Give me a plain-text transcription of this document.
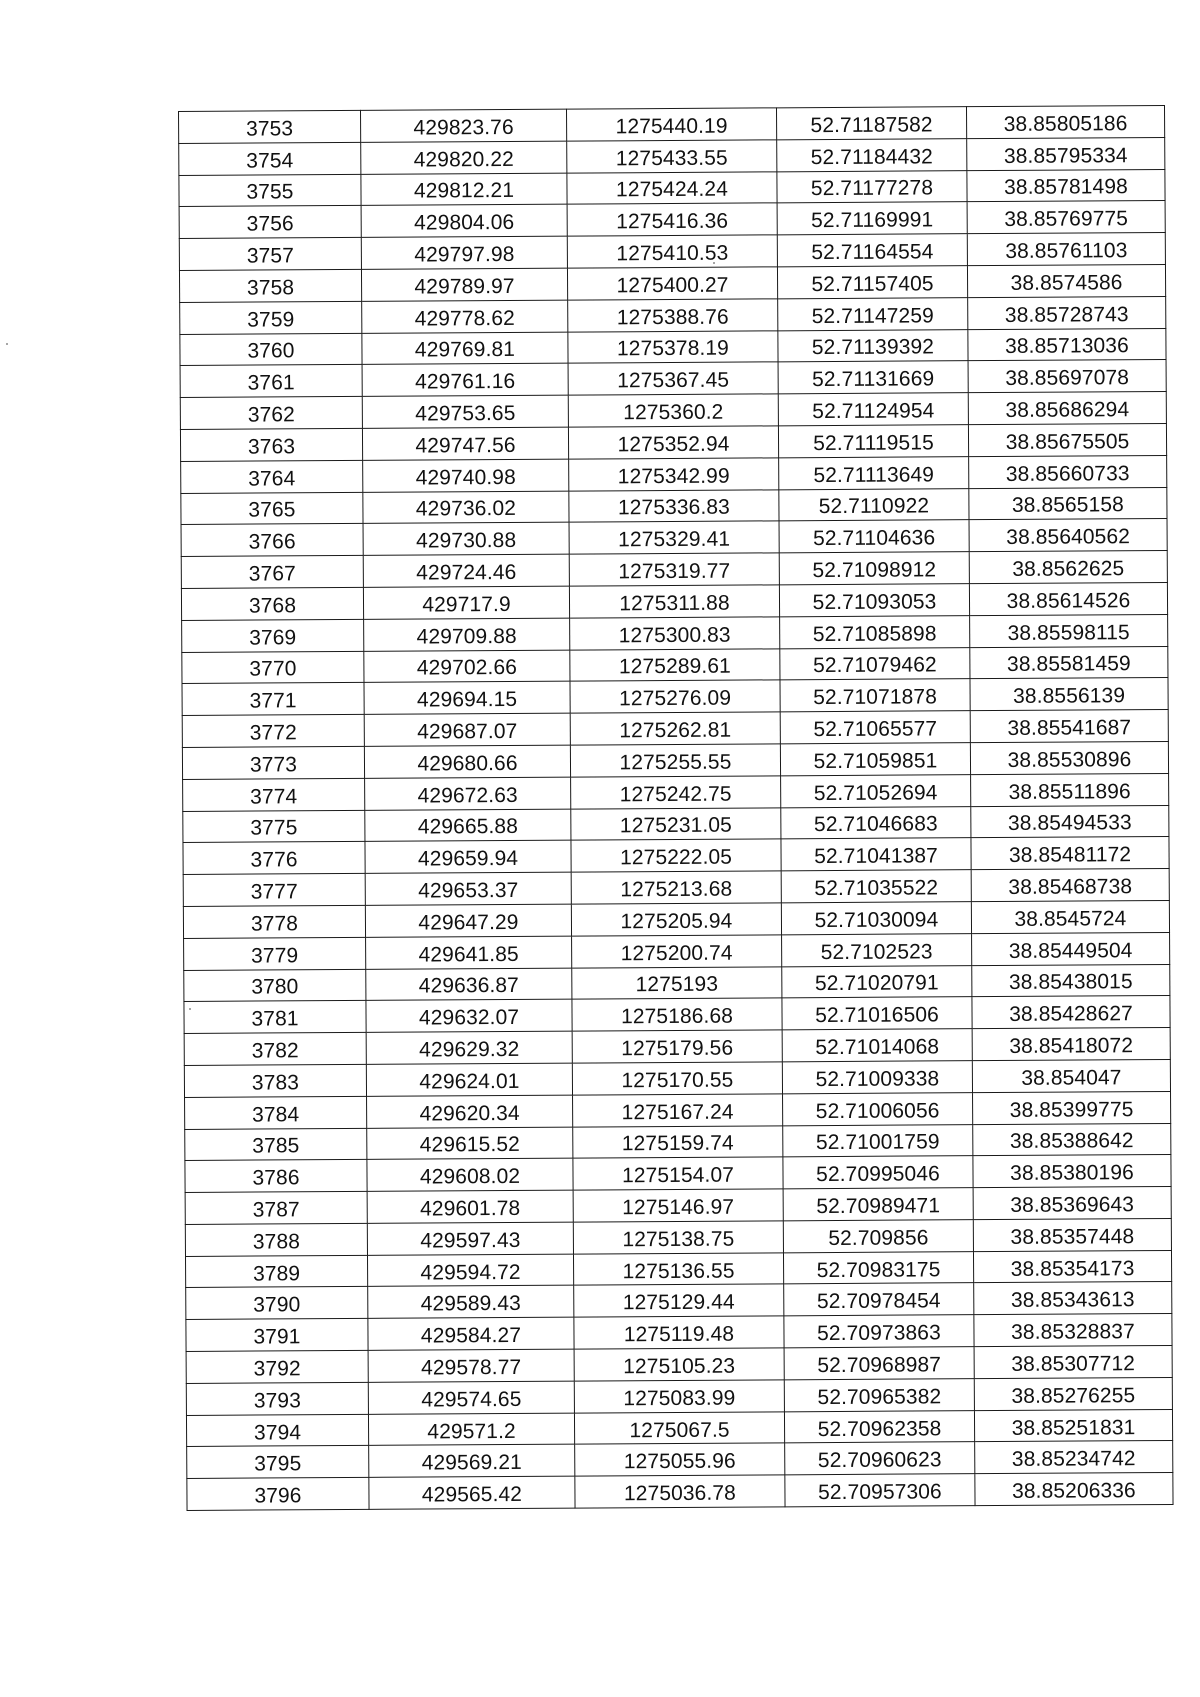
3753	429823.76	1275440.19	52.71187582	38.85805186
3754	429820.22	1275433.55	52.71184432	38.85795334
3755	429812.21	1275424.24	52.71177278	38.85781498
3756	429804.06	1275416.36	52.71169991	38.85769775
3757	429797.98	1275410.53	52.71164554	38.85761103
3758	429789.97	1275400.27	52.71157405	38.8574586
3759	429778.62	1275388.76	52.71147259	38.85728743
3760	429769.81	1275378.19	52.71139392	38.85713036
3761	429761.16	1275367.45	52.71131669	38.85697078
3762	429753.65	1275360.2	52.71124954	38.85686294
3763	429747.56	1275352.94	52.71119515	38.85675505
3764	429740.98	1275342.99	52.71113649	38.85660733
3765	429736.02	1275336.83	52.7110922	38.8565158
3766	429730.88	1275329.41	52.71104636	38.85640562
3767	429724.46	1275319.77	52.71098912	38.8562625
3768	429717.9	1275311.88	52.71093053	38.85614526
3769	429709.88	1275300.83	52.71085898	38.85598115
3770	429702.66	1275289.61	52.71079462	38.85581459
3771	429694.15	1275276.09	52.71071878	38.8556139
3772	429687.07	1275262.81	52.71065577	38.85541687
3773	429680.66	1275255.55	52.71059851	38.85530896
3774	429672.63	1275242.75	52.71052694	38.85511896
3775	429665.88	1275231.05	52.71046683	38.85494533
3776	429659.94	1275222.05	52.71041387	38.85481172
3777	429653.37	1275213.68	52.71035522	38.85468738
3778	429647.29	1275205.94	52.71030094	38.8545724
3779	429641.85	1275200.74	52.7102523	38.85449504
3780	429636.87	1275193	52.71020791	38.85438015
3781	429632.07	1275186.68	52.71016506	38.85428627
3782	429629.32	1275179.56	52.71014068	38.85418072
3783	429624.01	1275170.55	52.71009338	38.854047
3784	429620.34	1275167.24	52.71006056	38.85399775
3785	429615.52	1275159.74	52.71001759	38.85388642
3786	429608.02	1275154.07	52.70995046	38.85380196
3787	429601.78	1275146.97	52.70989471	38.85369643
3788	429597.43	1275138.75	52.709856	38.85357448
3789	429594.72	1275136.55	52.70983175	38.85354173
3790	429589.43	1275129.44	52.70978454	38.85343613
3791	429584.27	1275119.48	52.70973863	38.85328837
3792	429578.77	1275105.23	52.70968987	38.85307712
3793	429574.65	1275083.99	52.70965382	38.85276255
3794	429571.2	1275067.5	52.70962358	38.85251831
3795	429569.21	1275055.96	52.70960623	38.85234742
3796	429565.42	1275036.78	52.70957306	38.85206336
